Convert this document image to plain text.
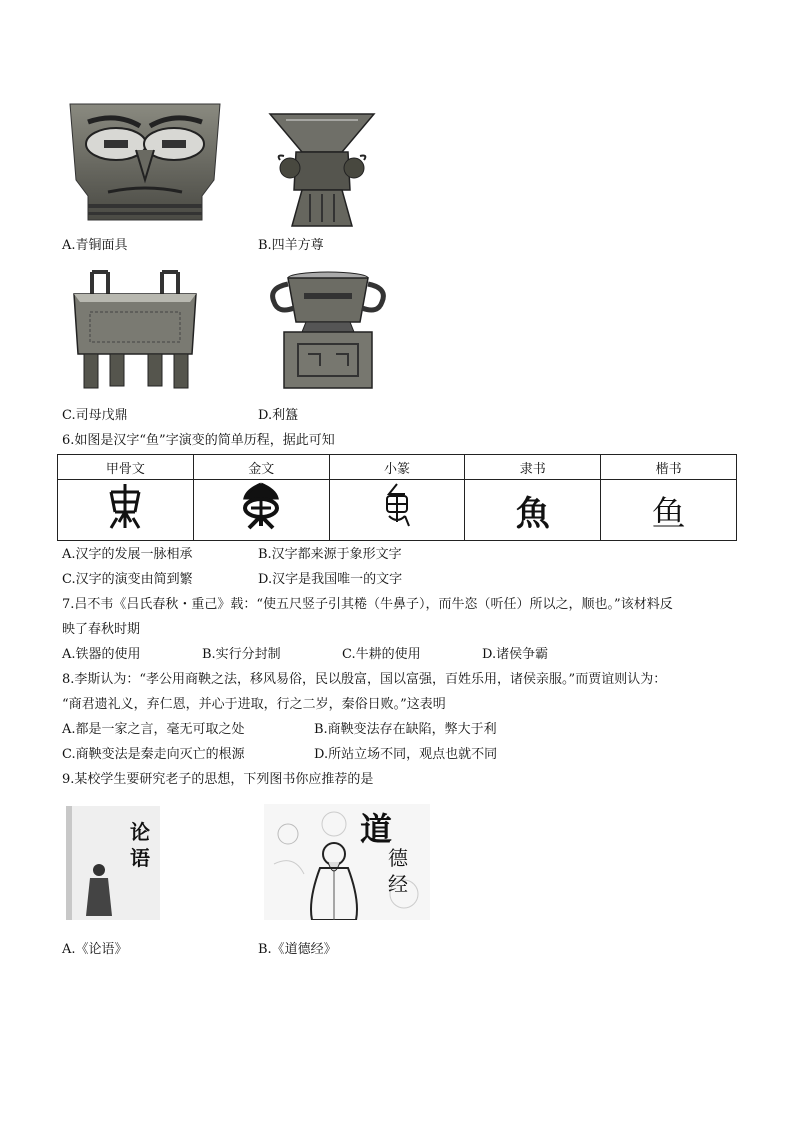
A.青铜面具	B.四羊方尊
C.司母戊鼎	D.利簋
6.如图是汉字“鱼”字演变的简单历程，据此可知
甲骨文	金文	小篆	隶书	楷书
			魚	鱼
A.汉字的发展一脉相承	B.汉字都来源于象形文字
C.汉字的演变由简到繁	D.汉字是我国唯一的文字
7.吕不韦《吕氏春秋・重己》载：“使五尺竖子引其棬（牛鼻子），而牛恣（听任）所以之，顺也。”该材料反
映了春秋时期
A.铁器的使用	B.实行分封制	C.牛耕的使用	D.诸侯争霸
8.李斯认为：“孝公用商鞅之法，移风易俗，民以殷富，国以富强，百姓乐用，诸侯亲服。”而贾谊则认为：
“商君遗礼义，弃仁恩，并心于进取，行之二岁，秦俗日败。”这表明
A.都是一家之言，毫无可取之处	B.商鞅变法存在缺陷，弊大于利
C.商鞅变法是秦走向灭亡的根源	D.所站立场不同，观点也就不同
9.某校学生要研究老子的思想，下列图书你应推荐的是
论
语
A.《论语》
道
德
经
B.《道德经》
